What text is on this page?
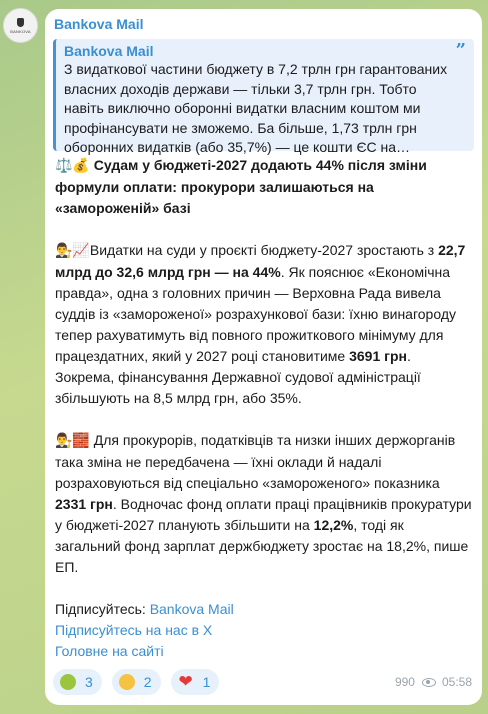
BANKOVA Bankova Mail
Bankova Mail
З видаткової частини бюджету в 7,2 трлн грн гарантованих власних доходів держави — тільки 3,7 трлн грн. Тобто навіть виключно оборонні видатки власним коштом ми профінансувати не зможемо. Ба більше, 1,73 трлн грн оборонних видатків (або 35,7%) — це кошти ЄС на…
”

⚖️💰 Судам у бюджеті-2027 додають 44% після зміни формули оплати: прокурори залишаються на «замороженій» базі

👨‍⚖️📈Видатки на суди у проєкті бюджету-2027 зростають з 22,7 млрд до 32,6 млрд грн — на 44%. Як пояснює «Економічна правда», одна з головних причин — Верховна Рада вивела суддів із «замороженої» розрахункової бази: їхню винагороду тепер рахуватимуть від повного прожиткового мінімуму для працездатних, який у 2027 році становитиме 3691 грн. Зокрема, фінансування Державної судової адміністрації збільшують на 8,5 млрд грн, або 35%.

👨‍⚖️🧱 Для прокурорів, податківців та низки інших держорганів така зміна не передбачена — їхні оклади й надалі розраховуються від спеціально «замороженого» показника 2331 грн. Водночас фонд оплати праці працівників прокуратури у бюджеті-2027 планують збільшити на 12,2%, тоді як загальний фонд зарплат держбюджету зростає на 18,2%, пише ЕП.

Підписуйтесь: Bankova Mail

Підписуйтесь на нас в Х

Головне на сайті

3	2 ❤ 1	990 05:58
